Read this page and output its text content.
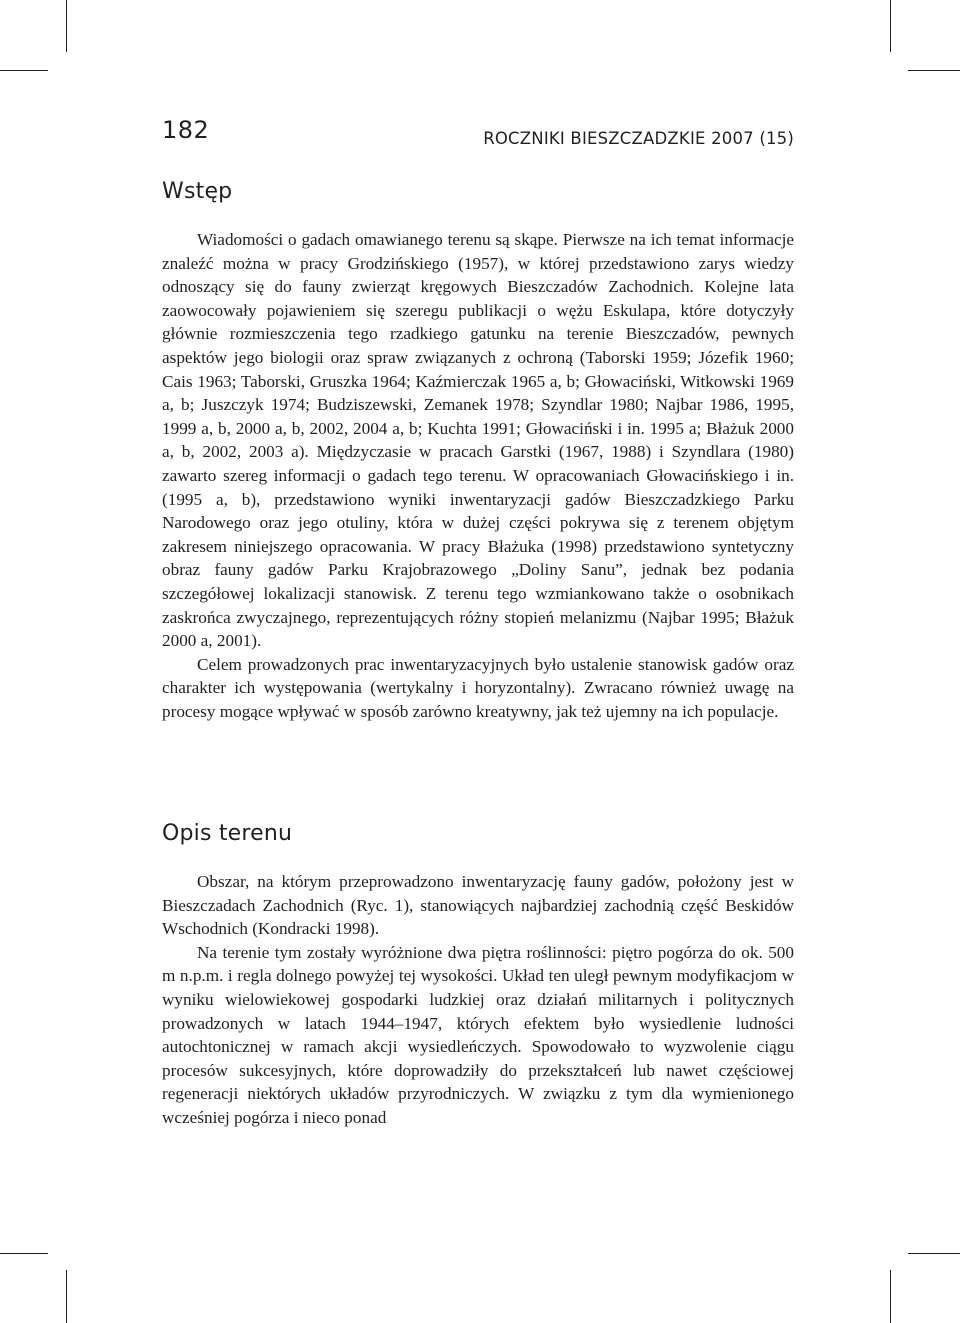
182	ROCZNIKI BIESZCZADZKIE 2007 (15)
Wstęp

Wiadomości o gadach omawianego terenu są skąpe. Pierwsze na ich temat informacje znaleźć można w pracy Grodzińskiego (1957), w której przedstawiono zarys wiedzy odnoszący się do fauny zwierząt kręgowych Bieszczadów Zachodnich. Kolejne lata zaowocowały pojawieniem się szeregu publikacji o wężu Eskulapa, które dotyczyły głównie rozmieszczenia tego rzadkiego gatunku na terenie Bieszczadów, pewnych aspektów jego biologii oraz spraw związanych z ochroną (Taborski 1959; Józefik 1960; Cais 1963; Taborski, Gruszka 1964; Kaźmierczak 1965 a, b; Głowaciński, Witkowski 1969 a, b; Juszczyk 1974; Budziszewski, Zemanek 1978; Szyndlar 1980; Najbar 1986, 1995, 1999 a, b, 2000 a, b, 2002, 2004 a, b; Kuchta 1991; Głowaciński i in. 1995 a; Błażuk 2000 a, b, 2002, 2003 a). Międzyczasie w pracach Garstki (1967, 1988) i Szyndlara (1980) zawarto szereg informacji o gadach tego terenu. W opracowaniach Głowacińskiego i in. (1995 a, b), przedstawiono wyniki inwentaryzacji gadów Bieszczadzkiego Parku Narodowego oraz jego otuliny, która w dużej części pokrywa się z terenem objętym zakresem niniejszego opracowania. W pracy Błażuka (1998) przedstawiono syntetyczny obraz fauny gadów Parku Krajobrazowego „Doliny Sanu”, jednak bez podania szczegółowej lokalizacji stanowisk. Z terenu tego wzmiankowano także o osobnikach zaskrońca zwyczajnego, reprezentujących różny stopień melanizmu (Najbar 1995; Błażuk 2000 a, 2001).

Celem prowadzonych prac inwentaryzacyjnych było ustalenie stanowisk gadów oraz charakter ich występowania (wertykalny i horyzontalny). Zwracano również uwagę na procesy mogące wpływać w sposób zarówno kreatywny, jak też ujemny na ich populacje.

Opis terenu

Obszar, na którym przeprowadzono inwentaryzację fauny gadów, położony jest w Bieszczadach Zachodnich (Ryc. 1), stanowiących najbardziej zachodnią część Beskidów Wschodnich (Kondracki 1998).

Na terenie tym zostały wyróżnione dwa piętra roślinności: piętro pogórza do ok. 500 m n.p.m. i regla dolnego powyżej tej wysokości. Układ ten uległ pewnym modyfikacjom w wyniku wielowiekowej gospodarki ludzkiej oraz działań militarnych i politycznych prowadzonych w latach 1944–1947, których efektem było wysiedlenie ludności autochtonicznej w ramach akcji wysiedleńczych. Spowodowało to wyzwolenie ciągu procesów sukcesyjnych, które doprowadziły do przekształceń lub nawet częściowej regeneracji niektórych układów przyrodniczych. W związku z tym dla wymienionego wcześniej pogórza i nieco ponad
